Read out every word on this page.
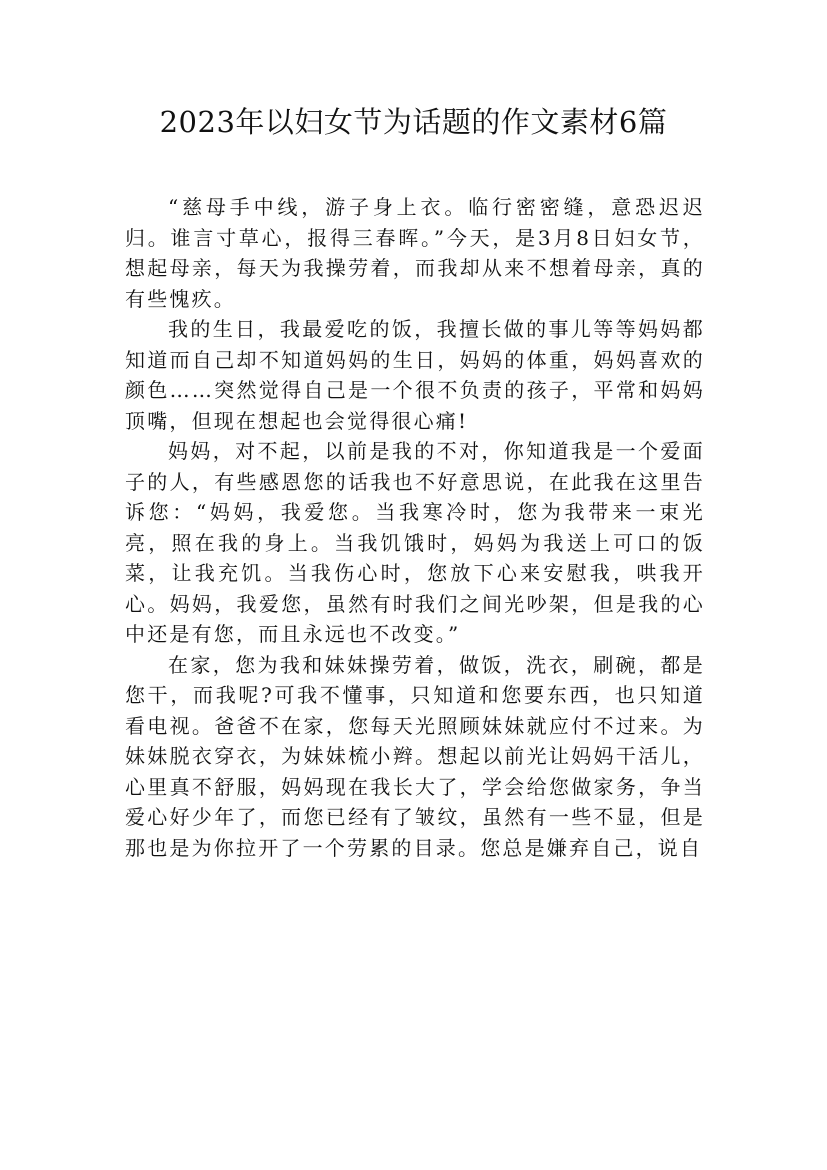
2023年以妇女节为话题的作文素材6篇

“慈母手中线，游子身上衣。临行密密缝，意恐迟迟归。谁言寸草心，报得三春晖。”今天，是3月8日妇女节，想起母亲，每天为我操劳着，而我却从来不想着母亲，真的有些愧疚。

我的生日，我最爱吃的饭，我擅长做的事儿等等妈妈都知道而自己却不知道妈妈的生日，妈妈的体重，妈妈喜欢的颜色……突然觉得自己是一个很不负责的孩子，平常和妈妈顶嘴，但现在想起也会觉得很心痛!

妈妈，对不起，以前是我的不对，你知道我是一个爱面子的人，有些感恩您的话我也不好意思说，在此我在这里告诉您：“妈妈，我爱您。当我寒冷时，您为我带来一束光亮，照在我的身上。当我饥饿时，妈妈为我送上可口的饭菜，让我充饥。当我伤心时，您放下心来安慰我，哄我开心。妈妈，我爱您，虽然有时我们之间光吵架，但是我的心中还是有您，而且永远也不改变。”

在家，您为我和妹妹操劳着，做饭，洗衣，刷碗，都是您干，而我呢?可我不懂事，只知道和您要东西，也只知道看电视。爸爸不在家，您每天光照顾妹妹就应付不过来。为妹妹脱衣穿衣，为妹妹梳小辫。想起以前光让妈妈干活儿，心里真不舒服，妈妈现在我长大了，学会给您做家务，争当爱心好少年了，而您已经有了皱纹，虽然有一些不显，但是那也是为你拉开了一个劳累的目录。您总是嫌弃自己，说自
